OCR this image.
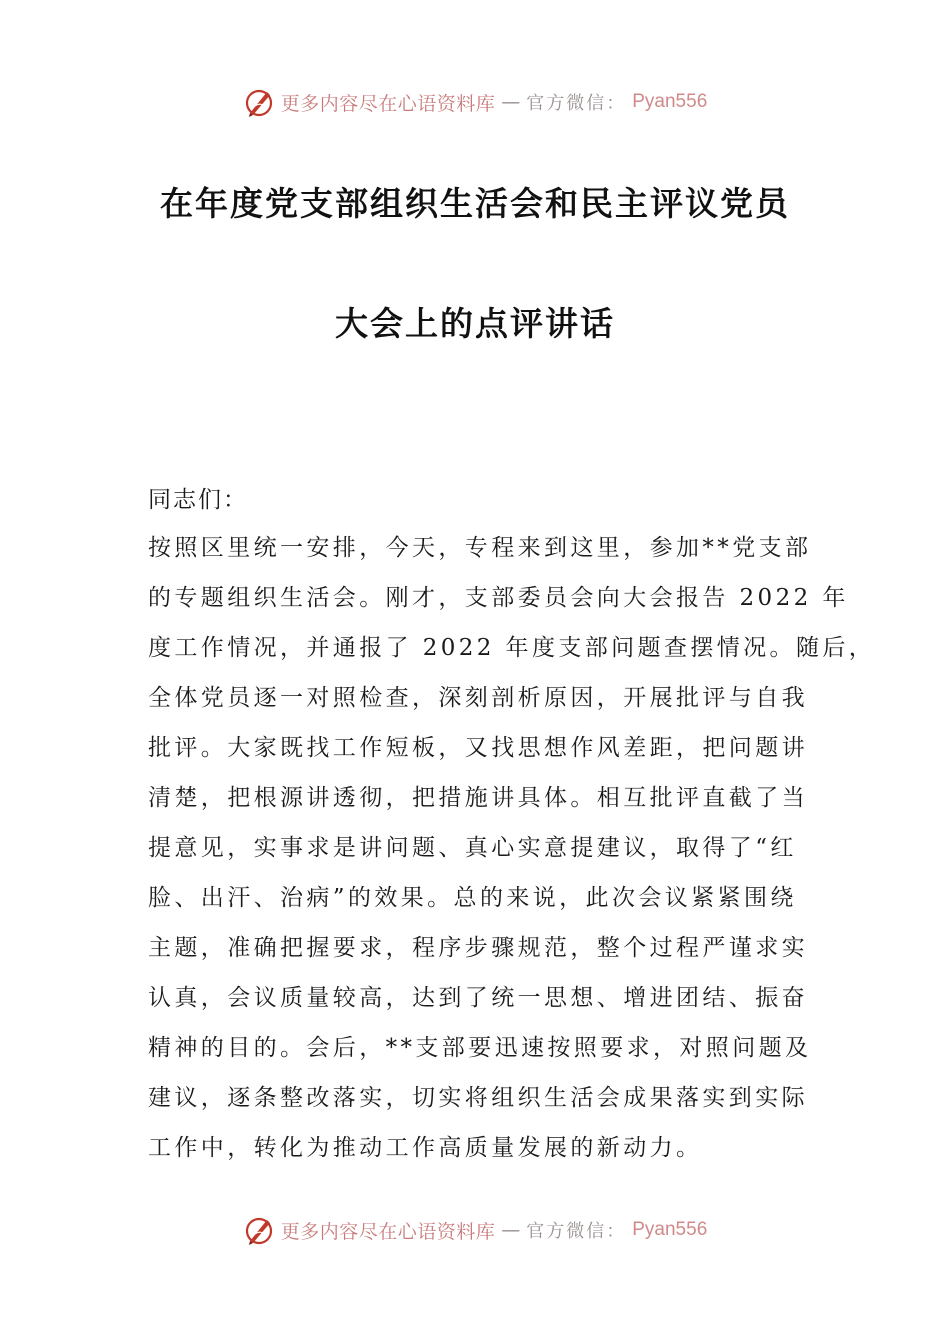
更多内容尽在心语资料库 — 官方微信： Pyan556
在年度党支部组织生活会和民主评议党员
大会上的点评讲话
同志们：
按照区里统一安排，今天，专程来到这里，参加**党支部
的专题组织生活会。刚才，支部委员会向大会报告 2022 年
度工作情况，并通报了 2022 年度支部问题查摆情况。随后，
全体党员逐一对照检查，深刻剖析原因，开展批评与自我
批评。大家既找工作短板，又找思想作风差距，把问题讲
清楚，把根源讲透彻，把措施讲具体。相互批评直截了当
提意见，实事求是讲问题、真心实意提建议，取得了“红
脸、出汗、治病”的效果。总的来说，此次会议紧紧围绕
主题，准确把握要求，程序步骤规范，整个过程严谨求实
认真，会议质量较高，达到了统一思想、增进团结、振奋
精神的目的。会后，**支部要迅速按照要求，对照问题及
建议，逐条整改落实，切实将组织生活会成果落实到实际
工作中，转化为推动工作高质量发展的新动力。
更多内容尽在心语资料库 — 官方微信： Pyan556
